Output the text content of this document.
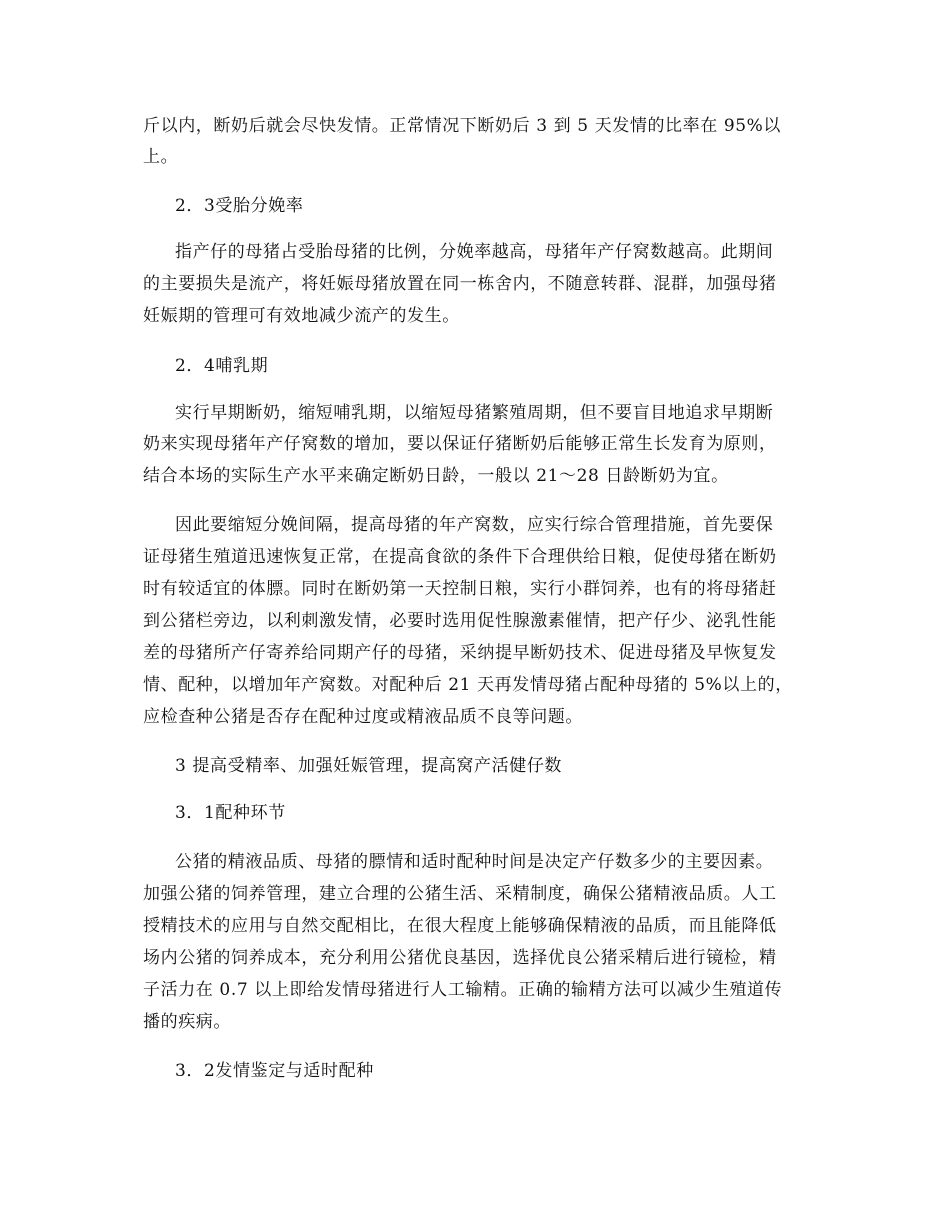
斤以内，断奶后就会尽快发情。正常情况下断奶后 3 到 5 天发情的比率在 95%以
上。
2．3受胎分娩率
指产仔的母猪占受胎母猪的比例，分娩率越高，母猪年产仔窝数越高。此期间
的主要损失是流产，将妊娠母猪放置在同一栋舍内，不随意转群、混群，加强母猪
妊娠期的管理可有效地减少流产的发生。
2．4哺乳期
实行早期断奶，缩短哺乳期，以缩短母猪繁殖周期，但不要盲目地追求早期断
奶来实现母猪年产仔窝数的增加，要以保证仔猪断奶后能够正常生长发育为原则，
结合本场的实际生产水平来确定断奶日龄，一般以 21～28 日龄断奶为宜。
因此要缩短分娩间隔，提高母猪的年产窝数，应实行综合管理措施，首先要保
证母猪生殖道迅速恢复正常，在提高食欲的条件下合理供给日粮，促使母猪在断奶
时有较适宜的体膘。同时在断奶第一天控制日粮，实行小群饲养，也有的将母猪赶
到公猪栏旁边，以利刺激发情，必要时选用促性腺激素催情，把产仔少、泌乳性能
差的母猪所产仔寄养给同期产仔的母猪，采纳提早断奶技术、促进母猪及早恢复发
情、配种，以增加年产窝数。对配种后 21 天再发情母猪占配种母猪的 5%以上的，
应检查种公猪是否存在配种过度或精液品质不良等问题。
3 提高受精率、加强妊娠管理，提高窝产活健仔数
3．1配种环节
公猪的精液品质、母猪的膘情和适时配种时间是决定产仔数多少的主要因素。
加强公猪的饲养管理，建立合理的公猪生活、采精制度，确保公猪精液品质。人工
授精技术的应用与自然交配相比，在很大程度上能够确保精液的品质，而且能降低
场内公猪的饲养成本，充分利用公猪优良基因，选择优良公猪采精后进行镜检，精
子活力在 0.7 以上即给发情母猪进行人工输精。正确的输精方法可以减少生殖道传
播的疾病。
3．2发情鉴定与适时配种
